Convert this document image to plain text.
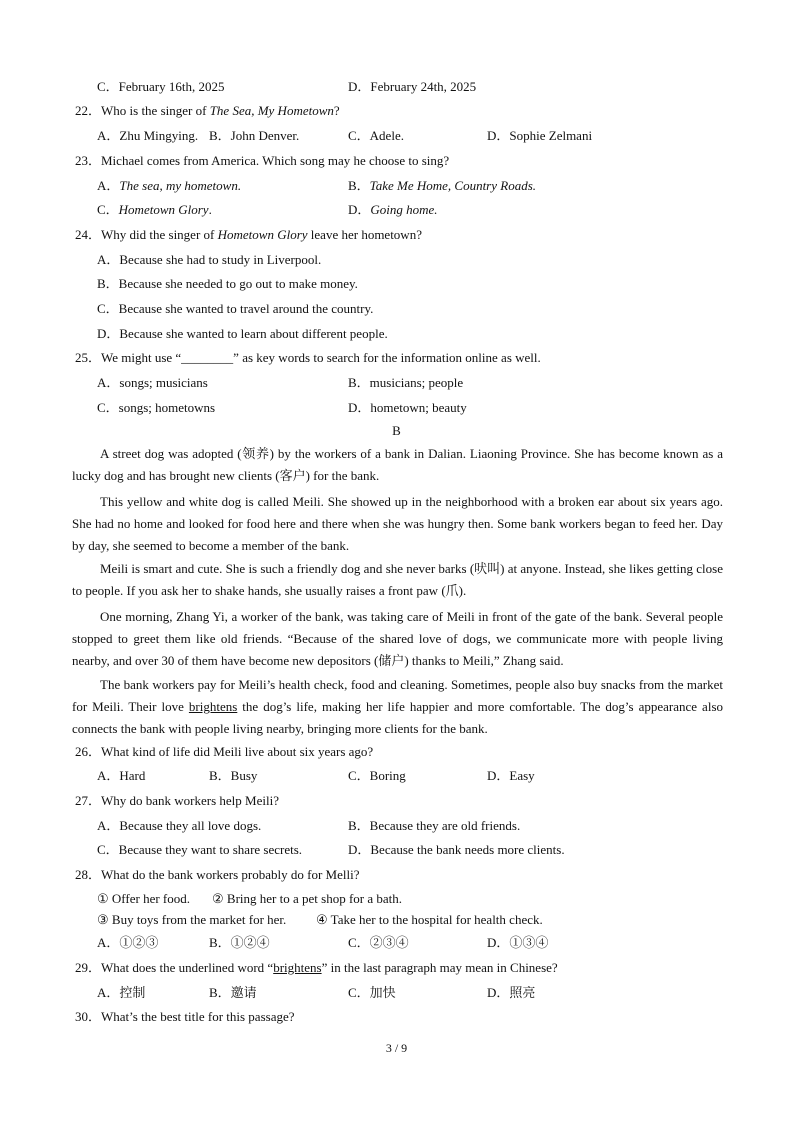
C．February 16th, 2025	D．February 24th, 2025
22．Who is the singer of The Sea, My Hometown?
A．Zhu Mingying. B．John Denver.	C．Adele.	D．Sophie Zelmani
23．Michael comes from America. Which song may he choose to sing?
A．The sea, my hometown.	B．Take Me Home, Country Roads.
C．Hometown Glory.	D．Going home.
24．Why did the singer of Hometown Glory leave her hometown?
A．Because she had to study in Liverpool.
B．Because she needed to go out to make money.
C．Because she wanted to travel around the country.
D．Because she wanted to learn about different people.
25．We might use “________” as key words to search for the information online as well.
A．songs; musicians	B．musicians; people
C．songs; hometowns	D．hometown; beauty
B
A street dog was adopted (领养) by the workers of a bank in Dalian. Liaoning Province. She has become known as a lucky dog and has brought new clients (客户) for the bank.
This yellow and white dog is called Meili. She showed up in the neighborhood with a broken ear about six years ago. She had no home and looked for food here and there when she was hungry then. Some bank workers began to feed her. Day by day, she seemed to become a member of the bank.
Meili is smart and cute. She is such a friendly dog and she never barks (吠叫) at anyone. Instead, she likes getting close to people. If you ask her to shake hands, she usually raises a front paw (爪).
One morning, Zhang Yi, a worker of the bank, was taking care of Meili in front of the gate of the bank. Several people stopped to greet them like old friends. “Because of the shared love of dogs, we communicate more with people living nearby, and over 30 of them have become new depositors (储户) thanks to Meili,” Zhang said.
The bank workers pay for Meili’s health check, food and cleaning. Sometimes, people also buy snacks from the market for Meili. Their love brightens the dog’s life, making her life happier and more comfortable. The dog’s appearance also connects the bank with people living nearby, bringing more clients for the bank.
26．What kind of life did Meili live about six years ago?
A．Hard	B．Busy	C．Boring	D．Easy
27．Why do bank workers help Meili?
A．Because they all love dogs.	B．Because they are old friends.
C．Because they want to share secrets.	D．Because the bank needs more clients.
28．What do the bank workers probably do for Melli?
① Offer her food. ② Bring her to a pet shop for a bath.
③ Buy toys from the market for her. ④ Take her to the hospital for health check.
A．①②③	B．①②④	C．②③④	D．①③④
29．What does the underlined word “brightens” in the last paragraph may mean in Chinese?
A．控制	B．邀请	C．加快	D．照亮
30．What’s the best title for this passage?
3 / 9
